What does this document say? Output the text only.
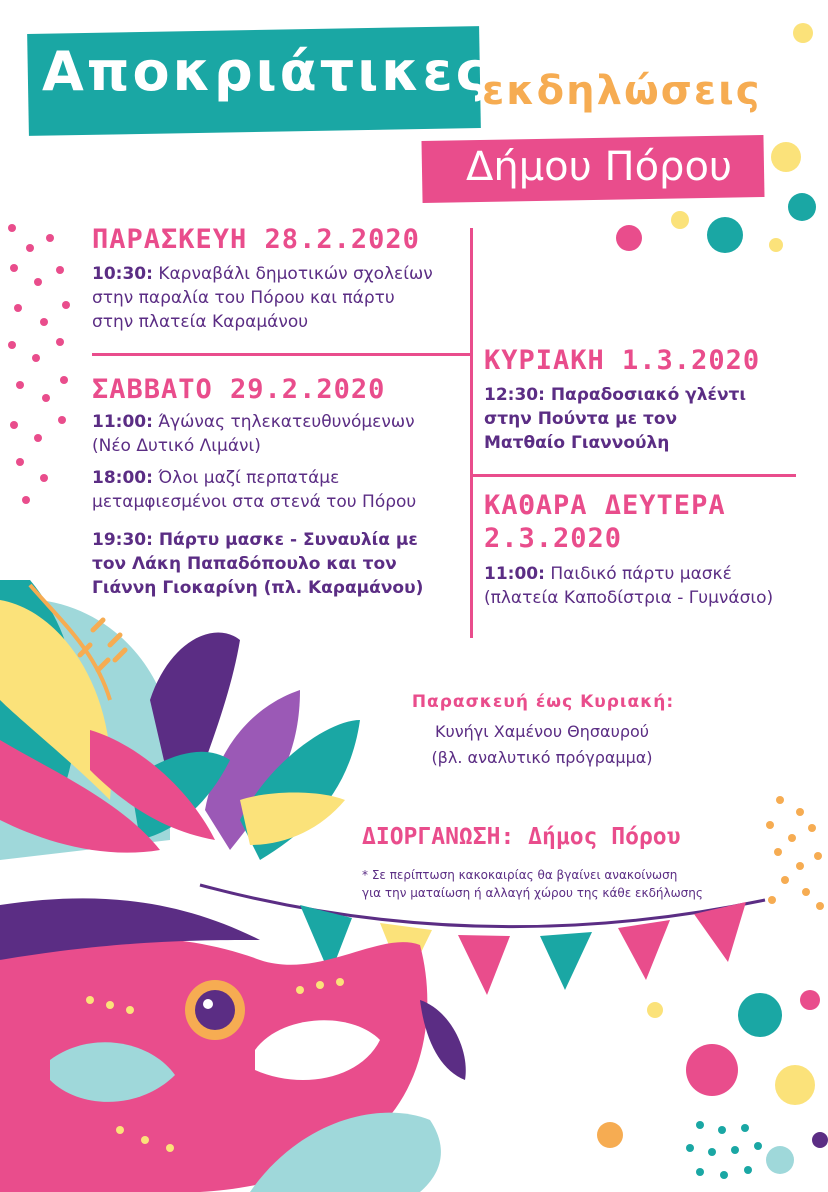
Αποκριάτικες
εκδηλώσεις
Δήμου Πόρου
ΠΑΡΑΣΚΕΥΗ 28.2.2020
10:30: Καρναβάλι δημοτικών σχολείων
στην παραλία του Πόρου και πάρτυ
στην πλατεία Καραμάνου
ΣΑΒΒΑΤΟ 29.2.2020
11:00: Άγώνας τηλεκατευθυνόμενων
(Νέο Δυτικό Λιμάνι)
18:00: Όλοι μαζί περπατάμε
μεταμφιεσμένοι στα στενά του Πόρου
19:30: Πάρτυ μασκε - Συναυλία με
τον Λάκη Παπαδόπουλο και τον
Γιάννη Γιοκαρίνη (πλ. Καραμάνου)
ΚΥΡΙΑΚΗ 1.3.2020
12:30: Παραδοσιακό γλέντι
στην Πούντα με τον
Ματθαίο Γιαννούλη
ΚΑΘΑΡΑ ΔΕΥΤΕΡΑ
2.3.2020
11:00: Παιδικό πάρτυ μασκέ
(πλατεία Καποδίστρια - Γυμνάσιο)
Παρασκευή έως Κυριακή:
Κυνήγι Χαμένου Θησαυρού
(βλ. αναλυτικό πρόγραμμα)
ΔΙΟΡΓΑΝΩΣΗ: Δήμος Πόρου
* Σε περίπτωση κακοκαιρίας θα βγαίνει ανακοίνωση
για την ματαίωση ή αλλαγή χώρου της κάθε εκδήλωσης
